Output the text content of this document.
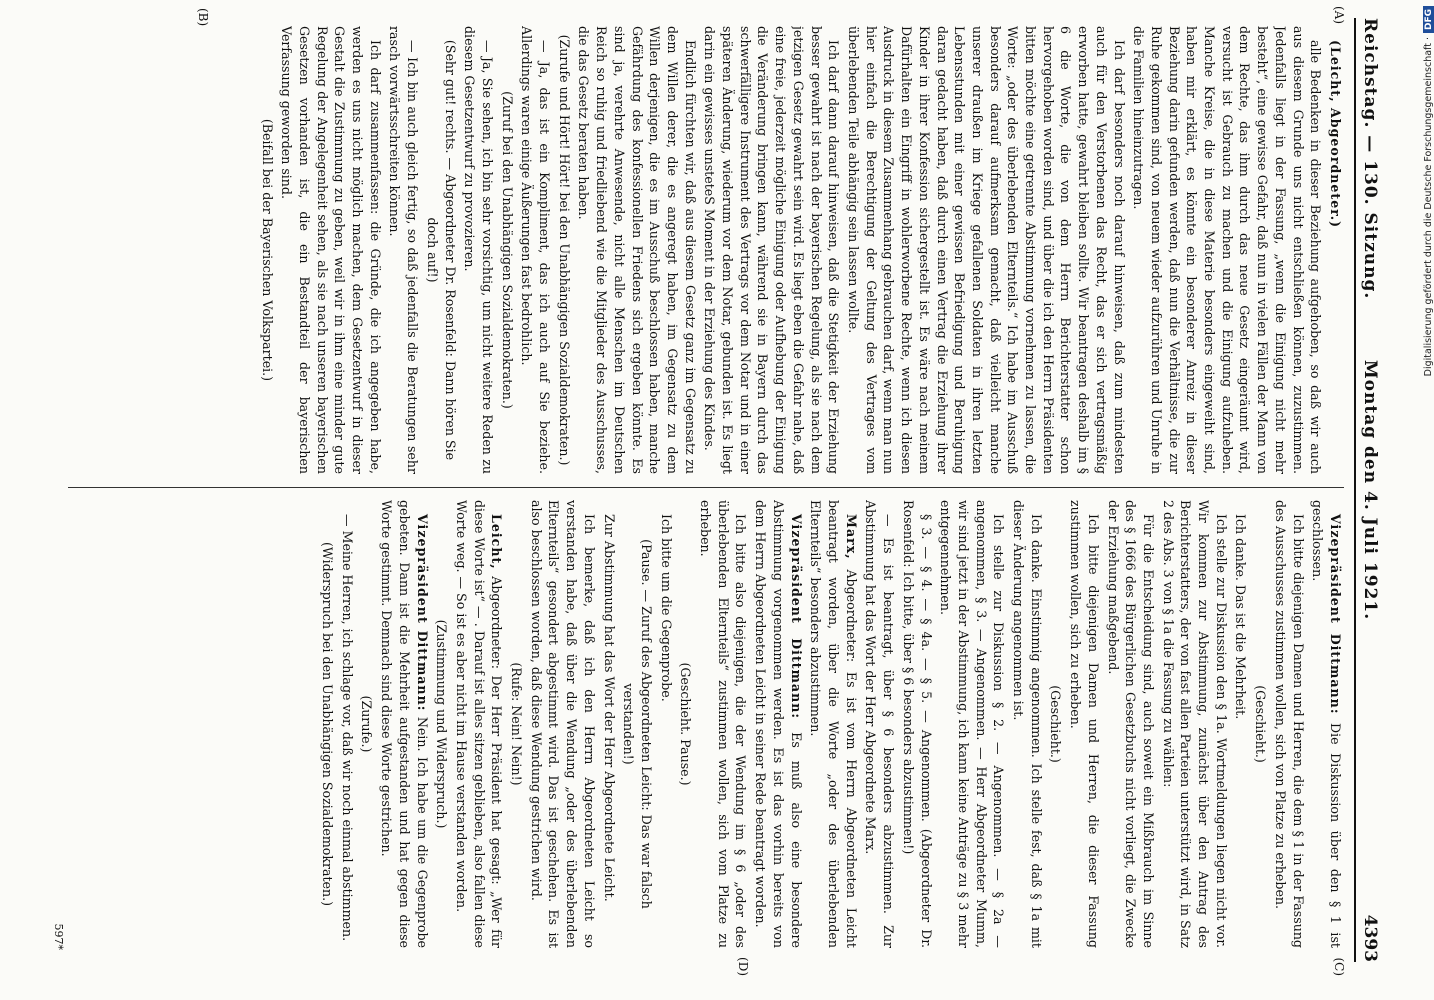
Reichstag. — 130. Sitzung.
Montag den 4. Juli 1921.
4393
(A)
(B)
(C)
(D)

(Leicht, Abgeordneter.)

alle Bedenken in dieser Beziehung aufgehoben, so daß wir auch aus diesem Grunde uns nicht entschließen können, zuzustimmen. Jedenfalls liegt in der Fassung, „wenn die Einigung nicht mehr besteht“, eine gewisse Gefahr, daß nun in vielen Fällen der Mann von dem Rechte, das ihm durch das neue Gesetz eingeräumt wird, versucht ist Gebrauch zu machen und die Einigung aufzuheben. Manche Kreise, die in diese Materie besonders eingeweiht sind, haben mir erklärt, es könnte ein besonderer Anreiz in dieser Beziehung darin gefunden werden, daß nun die Verhältnisse, die zur Ruhe gekommen sind, von neuem wieder aufzurühren und Unruhe in die Familien hineinzutragen.

Ich darf besonders noch darauf hinweisen, daß zum mindesten auch für den Verstorbenen das Recht, das er sich vertragsmäßig erworben hatte, gewahrt bleiben sollte. Wir beantragen deshalb im § 6 die Worte, die von dem Herrn Berichterstatter schon hervorgehoben worden sind, und über die ich den Herrn Präsidenten bitten möchte eine getrennte Abstimmung vornehmen zu lassen, die Worte: „oder des überlebenden Elternteils.“ Ich habe im Ausschuß besonders darauf aufmerksam gemacht, daß vielleicht manche unserer draußen im Kriege gefallenen Soldaten in ihren letzten Lebensstunden mit einer gewissen Befriedigung und Beruhigung daran gedacht haben, daß durch einen Vertrag die Erziehung ihrer Kinder in ihrer Konfession sichergestellt ist. Es wäre nach meinem Dafürhalten ein Eingriff in wohlerworbene Rechte, wenn ich diesen Ausdruck in diesem Zusammenhang gebrauchen darf, wenn man nun hier einfach die Berechtigung der Geltung des Vertrages vom überlebenden Teile abhängig sein lassen wollte.

Ich darf dann darauf hinweisen, daß die Stetigkeit der Erziehung besser gewahrt ist nach der bayerischen Regelung, als sie nach dem jetzigen Gesetz gewahrt sein wird. Es liegt eben die Gefahr nahe, daß eine freie, jederzeit mögliche Einigung oder Aufhebung der Einigung die Veränderung bringen kann, während sie in Bayern durch das schwerfälligere Instrument des Vertrags vor dem Notar und in einer späteren Änderung, wiederum vor dem Notar, gebunden ist. Es liegt darin ein gewisses unsteteS Moment in der Erziehung des Kindes.

Endlich fürchten wir, daß aus diesem Gesetz ganz im Gegensatz zu dem Willen derer, die es angeregt haben, im Gegensatz zu dem Willen derjenigen, die es im Ausschuß beschlossen haben, manche Gefährdung des konfessionellen Friedens sich ergeben könnte. Es sind ja, verehrte Anwesende, nicht alle Menschen im Deutschen Reich so ruhig und friedliebend wie die Mitglieder des Ausschusses, die das Gesetz beraten haben.

(Zurufe und Hört! Hört! bei den Unabhängigen Sozialdemokraten.)

— Ja, das ist ein Kompliment, das ich auch auf Sie beziehe. Allerdings waren einige Äußerungen fast bedrohlich.

(Zuruf bei den Unabhängigen Sozialdemokraten.)

— Ja, Sie sehen, ich bin sehr vorsichtig, um nicht weitere Reden zu diesem Gesetzentwurf zu provozieren.

(Sehr gut! rechts. — Abgeordneter Dr. Rosenfeld: Dann hören Sie doch auf!)

— Ich bin auch gleich fertig, so daß jedenfalls die Beratungen sehr rasch vorwärtsschreiten können.

Ich darf zusammenfassen: die Gründe, die ich angegeben habe, werden es uns nicht möglich machen, dem Gesetzentwurf in dieser Gestalt die Zustimmung zu geben, weil wir in ihm eine minder gute Regelung der Angelegenheit sehen, als sie nach unseren bayerischen Gesetzen vorhanden ist, die ein Bestandteil der bayerischen Verfassung geworden sind.

(Beifall bei der Bayerischen Volkspartei.)

Vizepräsident Dittmann: Die Diskussion über den § 1 ist geschlossen.

Ich bitte diejenigen Damen und Herren, die dem § 1 in der Fassung des Ausschusses zustimmen wollen, sich von Platze zu erheben.

(Geschieht.)

Ich danke. Das ist die Mehrheit.

Ich stelle zur Diskussion den § 1a. Wortmeldungen liegen nicht vor. Wir kommen zur Abstimmung, zunächst über den Antrag des Berichterstatters, der von fast allen Parteien unterstützt wird, in Satz 2 des Abs. 3 von § 1a die Fassung zu wählen:

Für die Entscheidung sind, auch soweit ein Mißbrauch im Sinne des § 1666 des Bürgerlichen Gesetzbuchs nicht vorliegt, die Zwecke der Erziehung maßgebend.

Ich bitte diejenigen Damen und Herren, die dieser Fassung zustimmen wollen, sich zu erheben.

(Geschieht.)

Ich danke. Einstimmig angenommen. Ich stelle fest, daß § 1a mit dieser Änderung angenommen ist.

Ich stelle zur Diskussion § 2. — Angenommen. — § 2a — angenommen, § 3. — Angenommen. — Herr Abgeordneter Mumm, wir sind jetzt in der Abstimmung, ich kann keine Anträge zu § 3 mehr entgegennehmen.

§ 3. — § 4. — § 4a. — § 5. — Angenommen. (Abgeordneter Dr. Rosenfeld: Ich bitte, über § 6 besonders abzustimmen!)

— Es ist beantragt, über § 6 besonders abzustimmen. Zur Abstimmung hat das Wort der Herr Abgeordnete Marx.

Marx, Abgeordneter: Es ist vom Herrn Abgeordneten Leicht beantragt worden, über die Worte „oder des überlebenden Elternteils“ besonders abzustimmen.

Vizepräsident Dittmann: Es muß also eine besondere Abstimmung vorgenommen werden. Es ist das vorhin bereits von dem Herrn Abgeordneten Leicht in seiner Rede beantragt worden.

Ich bitte also diejenigen, die der Wendung im § 6 „oder des überlebenden Elternteils“ zustimmen wollen, sich vom Platze zu erheben.

(Geschieht. Pause.)

Ich bitte um die Gegenprobe.

(Pause. — Zuruf des Abgeordneten Leicht: Das war falsch verstanden!)

Zur Abstimmung hat das Wort der Herr Abgeordnete Leicht.

Ich bemerke, daß ich den Herrn Abgeordneten Leicht so verstanden habe, daß über die Wendung „oder des überlebenden Elternteils“ gesondert abgestimmt wird. Das ist geschehen. Es ist also beschlossen worden, daß diese Wendung gestrichen wird.

(Rufe: Nein! Nein!)

Leicht, Abgeordneter: Der Herr Präsident hat gesagt: „Wer für diese Worte ist“ — . Darauf ist alles sitzen geblieben, also fallen diese Worte weg. — So ist es aber nicht im Hause verstanden worden.

(Zustimmung und Widerspruch.)

Vizepräsident Dittmann: Nein. Ich habe um die Gegenprobe gebeten. Dann ist die Mehrheit aufgestanden und hat gegen diese Worte gestimmt. Demnach sind diese Worte gestrichen.

(Zurufe.)

— Meine Herren, ich schlage vor, daß wir noch einmal abstimmen.

(Widerspruch bei den Unabhängigen Sozialdemokraten.)

597*
Digitalisierung gefördert durch die Deutsche Forschungsgemeinschaft ·DFG
